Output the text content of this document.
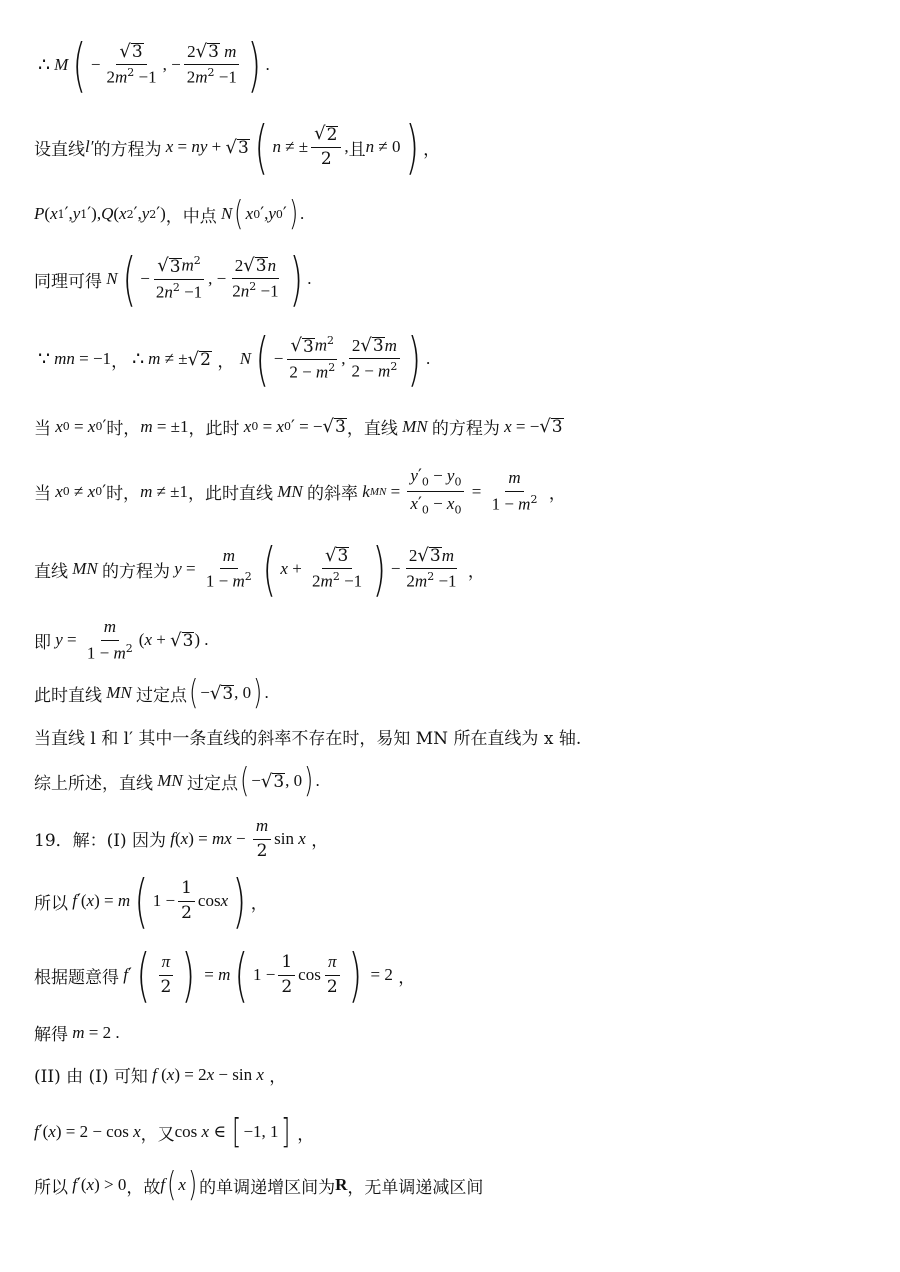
∴ M ( − $\frac{√ 3}{2m^2 -1}$ , − $\frac{2 √ 3 m}{2m^2 -1}$ ) .
设直线 l′ 的方程为 x = ny + √ 3 ( n ≠ ± $\frac{√ 2}{2}$ , 且 n ≠ 0 ) ，
P ( x 1 ′ , y 1 ′ ), Q ( x 2 ′ , y 2 ′ ) ， 中点 N ( x 0 ′ , y 0 ′ ) .
同理可得 N ( − $\frac{√ 3 m^2}{2n^2 -1}$ , − $\frac{2 √ 3 n}{2n^2 -1}$ ) .
∵ mn = −1 ， ∴ m ≠ ± √ 2 ， N ( − $\frac{√ 3 m^2}{2 - m^2}$ , $\frac{2 √ 3 m}{2 - m^2}$ ) .
当 x 0 = x 0 ′ 时， m = ±1 ，此时 x 0 = x 0 ′ = − √ 3 ，直线 MN 的方程为 x = − √ 3
当 x 0 ≠ x 0 ′ 时， m ≠ ±1 ，此时直线 MN 的斜率 k MN = $\frac{y'_0 - y_0}{x'_0 - x_0} = \frac{m}{1 - m^2}$ ，
直线 MN 的方程为 $y = \frac{m}{1 - m^2}$ ( $x + \frac{√ 3}{2m^2 -1}$ ) − $\frac{2 √ 3 m}{2m^2 -1}$ ，
即 $y = \frac{m}{1 - m^2}$ ( x + √ 3 ) .
此时直线 MN 过定点 ( − √ 3 , 0 ) .
当直线 l 和 l′ 其中一条直线的斜率不存在时，易知 MN 所在直线为 x 轴.
综上所述，直线 MN 过定点 ( − √ 3 , 0 ) .
19．解：(I) 因为 f ( x ) = mx − $\frac{m}{2}$ sin x ，
所以 f ′ ( x ) = m ( $1 - \frac{1}{2}$ cos x ) ，
根据题意得 f ′ ( $\frac{\pi}{2}$ ) = m ( $1 - \frac{1}{2}$ $\cos \frac{\pi}{2}$ ) = 2 ，
解得 m = 2 .
(II) 由 (I) 可知 f ( x ) = 2 x − sin x ，
f ′ ( x ) = 2 − cos x ，又 cos x ∈ [ −1, 1 ] ，
所以 f ′ ( x ) > 0 ，故 f ( x ) 的单调递增区间为 R ，无单调递减区间
